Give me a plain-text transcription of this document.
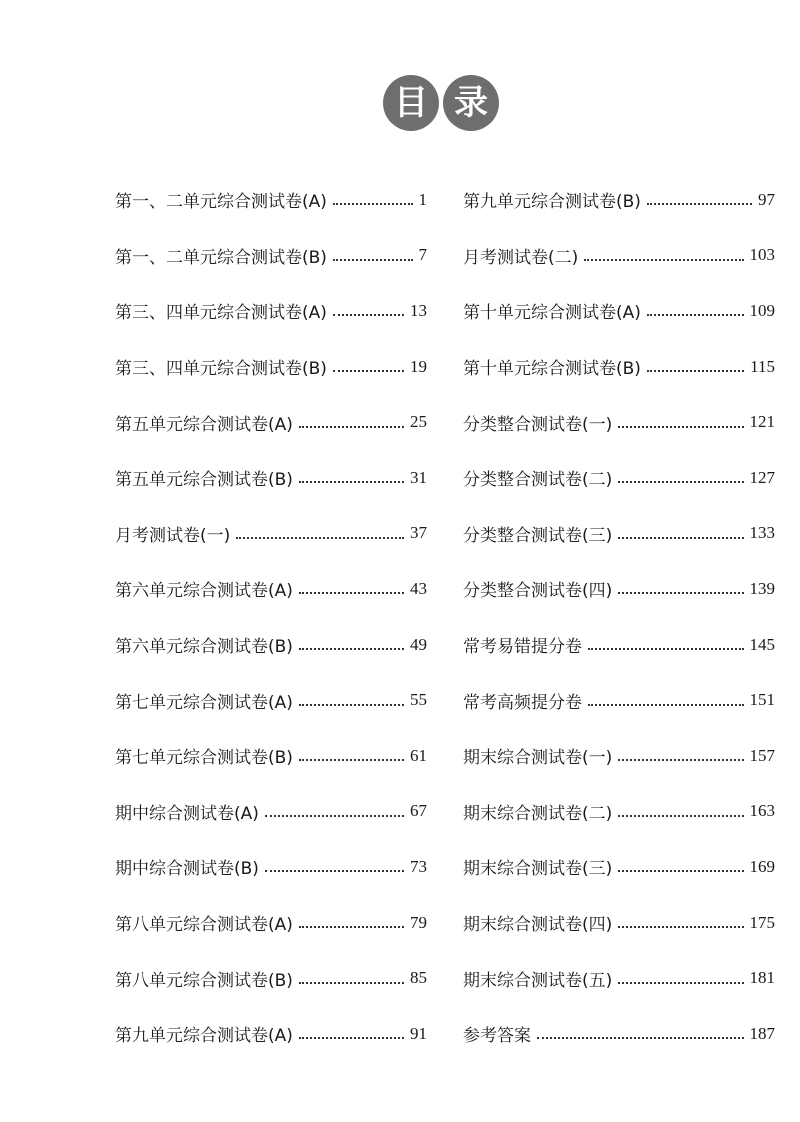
目 录
第一、二单元综合测试卷(A)	1
第一、二单元综合测试卷(B)	7
第三、四单元综合测试卷(A)	13
第三、四单元综合测试卷(B)	19
第五单元综合测试卷(A)	25
第五单元综合测试卷(B)	31
月考测试卷(一)	37
第六单元综合测试卷(A)	43
第六单元综合测试卷(B)	49
第七单元综合测试卷(A)	55
第七单元综合测试卷(B)	61
期中综合测试卷(A)	67
期中综合测试卷(B)	73
第八单元综合测试卷(A)	79
第八单元综合测试卷(B)	85
第九单元综合测试卷(A)	91
第九单元综合测试卷(B)	97
月考测试卷(二)	103
第十单元综合测试卷(A)	109
第十单元综合测试卷(B)	115
分类整合测试卷(一)	121
分类整合测试卷(二)	127
分类整合测试卷(三)	133
分类整合测试卷(四)	139
常考易错提分卷	145
常考高频提分卷	151
期末综合测试卷(一)	157
期末综合测试卷(二)	163
期末综合测试卷(三)	169
期末综合测试卷(四)	175
期末综合测试卷(五)	181
参考答案	187
